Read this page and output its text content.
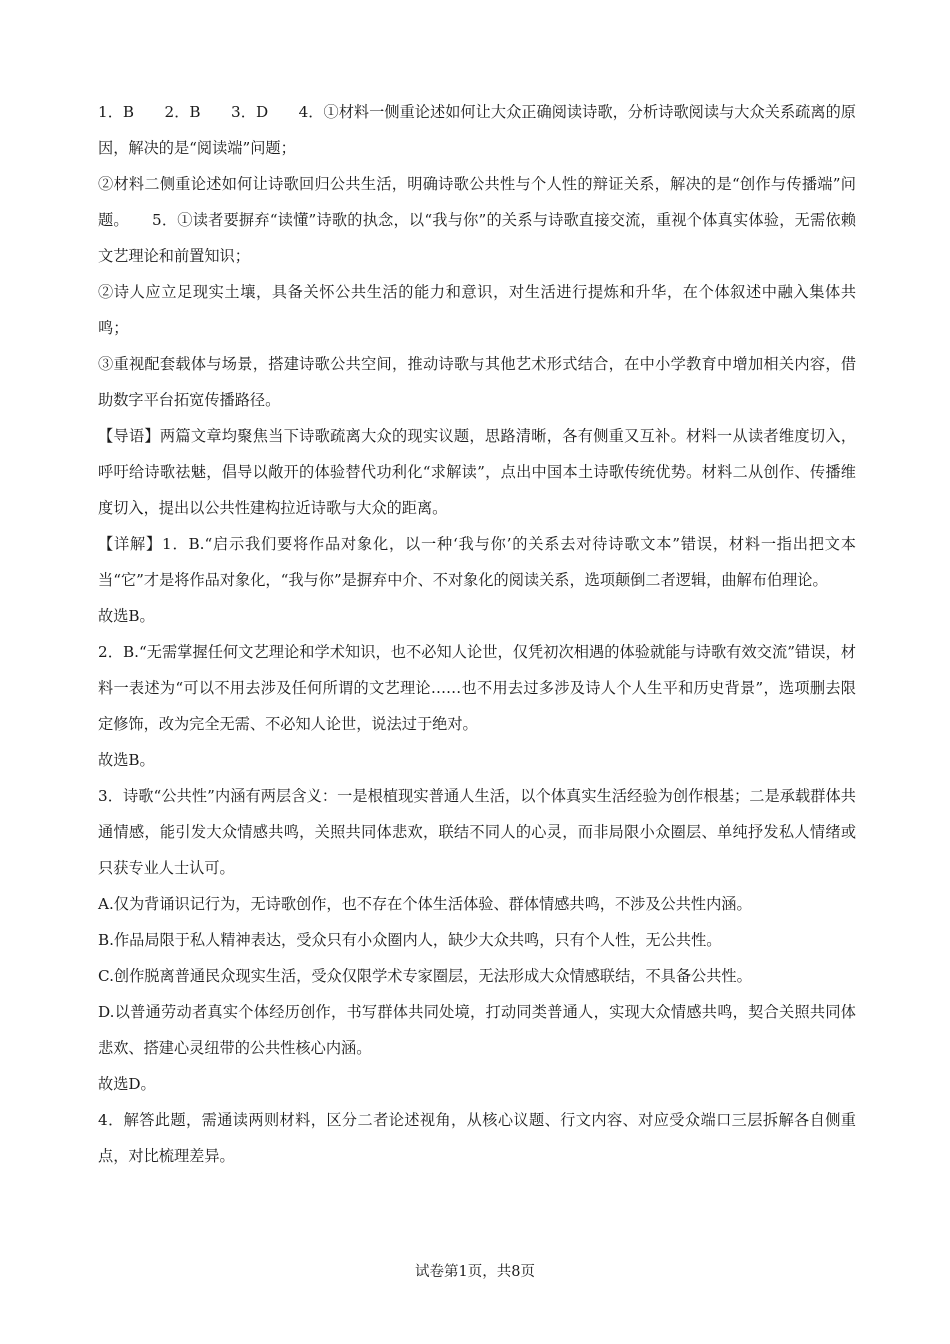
1．B　　2．B　　3．D　　4．①材料一侧重论述如何让大众正确阅读诗歌，分析诗歌阅读与大众关系疏离的原因，解决的是“阅读端”问题；

②材料二侧重论述如何让诗歌回归公共生活，明确诗歌公共性与个人性的辩证关系，解决的是“创作与传播端”问题。　　5．①读者要摒弃“读懂”诗歌的执念，以“我与你”的关系与诗歌直接交流，重视个体真实体验，无需依赖文艺理论和前置知识；

②诗人应立足现实土壤，具备关怀公共生活的能力和意识，对生活进行提炼和升华，在个体叙述中融入集体共鸣；

③重视配套载体与场景，搭建诗歌公共空间，推动诗歌与其他艺术形式结合，在中小学教育中增加相关内容，借助数字平台拓宽传播路径。

【导语】两篇文章均聚焦当下诗歌疏离大众的现实议题，思路清晰，各有侧重又互补。材料一从读者维度切入，呼吁给诗歌祛魅，倡导以敞开的体验替代功利化“求解读”，点出中国本土诗歌传统优势。材料二从创作、传播维度切入，提出以公共性建构拉近诗歌与大众的距离。

【详解】1．B.“启示我们要将作品对象化，以一种‘我与你’的关系去对待诗歌文本”错误，材料一指出把文本当“它”才是将作品对象化，“我与你”是摒弃中介、不对象化的阅读关系，选项颠倒二者逻辑，曲解布伯理论。

故选B。

2．B.“无需掌握任何文艺理论和学术知识，也不必知人论世，仅凭初次相遇的体验就能与诗歌有效交流”错误，材料一表述为“可以不用去涉及任何所谓的文艺理论……也不用去过多涉及诗人个人生平和历史背景”，选项删去限定修饰，改为完全无需、不必知人论世，说法过于绝对。

故选B。

3．诗歌“公共性”内涵有两层含义：一是根植现实普通人生活，以个体真实生活经验为创作根基；二是承载群体共通情感，能引发大众情感共鸣，关照共同体悲欢，联结不同人的心灵，而非局限小众圈层、单纯抒发私人情绪或只获专业人士认可。

A.仅为背诵识记行为，无诗歌创作，也不存在个体生活体验、群体情感共鸣，不涉及公共性内涵。

B.作品局限于私人精神表达，受众只有小众圈内人，缺少大众共鸣，只有个人性，无公共性。

C.创作脱离普通民众现实生活，受众仅限学术专家圈层，无法形成大众情感联结，不具备公共性。

D.以普通劳动者真实个体经历创作，书写群体共同处境，打动同类普通人，实现大众情感共鸣，契合关照共同体悲欢、搭建心灵纽带的公共性核心内涵。

故选D。

4．解答此题，需通读两则材料，区分二者论述视角，从核心议题、行文内容、对应受众端口三层拆解各自侧重点，对比梳理差异。

试卷第1页，共8页
